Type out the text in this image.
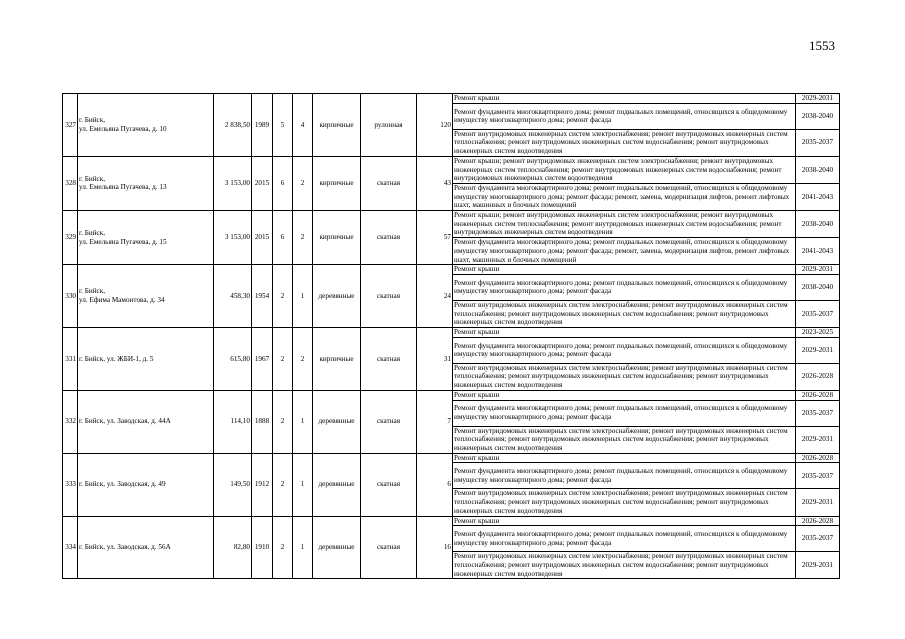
1553
327	г. Бийск,
ул. Емельяна Пугачева, д. 10	2 838,50	1989	5	4	кирпичные	рулонная	120	Ремонт крыши	2029-2031
									Ремонт фундамента многоквартирного дома; ремонт подвальных помещений, относящихся к общедомовому имуществу многоквартирного дома; ремонт фасада	2038-2040
									Ремонт внутридомовых инженерных систем электроснабжения; ремонт внутридомовых инженерных систем теплоснабжения; ремонт внутридомовых инженерных систем водоснабжения; ремонт внутридомовых инженерных систем водоотведения	2035-2037
328	г. Бийск,
ул. Емельяна Пугачева, д. 13	3 153,00	2015	6	2	кирпичные	скатная	43	Ремонт крыши; ремонт внутридомовых инженерных систем электроснабжения; ремонт внутридомовых инженерных систем теплоснабжения; ремонт внутридомовых инженерных систем водоснабжения; ремонт внутридомовых инженерных систем водоотведения	2038-2040
									Ремонт фундамента многоквартирного дома; ремонт подвальных помещений, относящихся к общедомовому имуществу многоквартирного дома; ремонт фасада; ремонт, замена, модернизация лифтов, ремонт лифтовых шахт, машинных и блочных помещений	2041-2043
329	г. Бийск,
ул. Емельяна Пугачева, д. 15	3 153,00	2015	6	2	кирпичные	скатная	57	Ремонт крыши; ремонт внутридомовых инженерных систем электроснабжения; ремонт внутридомовых инженерных систем теплоснабжения; ремонт внутридомовых инженерных систем водоснабжения; ремонт внутридомовых инженерных систем водоотведения	2038-2040
									Ремонт фундамента многоквартирного дома; ремонт подвальных помещений, относящихся к общедомовому имуществу многоквартирного дома; ремонт фасада; ремонт, замена, модернизация лифтов, ремонт лифтовых шахт, машинных и блочных помещений	2041-2043
330	г. Бийск,
ул. Ефима Мамонтова, д. 34	458,30	1954	2	1	деревянные	скатная	24	Ремонт крыши	2029-2031
									Ремонт фундамента многоквартирного дома; ремонт подвальных помещений, относящихся к общедомовому имуществу многоквартирного дома; ремонт фасада	2038-2040
									Ремонт внутридомовых инженерных систем электроснабжения; ремонт внутридомовых инженерных систем теплоснабжения; ремонт внутридомовых инженерных систем водоснабжения; ремонт внутридомовых инженерных систем водоотведения	2035-2037
331	г. Бийск, ул. ЖБИ-1, д. 5	615,80	1967	2	2	кирпичные	скатная	31	Ремонт крыши	2023-2025
									Ремонт фундамента многоквартирного дома; ремонт подвальных помещений, относящихся к общедомовому имуществу многоквартирного дома; ремонт фасада	2029-2031
									Ремонт внутридомовых инженерных систем электроснабжения; ремонт внутридомовых инженерных систем теплоснабжения; ремонт внутридомовых инженерных систем водоснабжения; ремонт внутридомовых инженерных систем водоотведения	2026-2028
332	г. Бийск, ул. Заводская, д. 44А	114,10	1888	2	1	деревянные	скатная	7	Ремонт крыши	2026-2028
									Ремонт фундамента многоквартирного дома; ремонт подвальных помещений, относящихся к общедомовому имуществу многоквартирного дома; ремонт фасада	2035-2037
									Ремонт внутридомовых инженерных систем электроснабжения; ремонт внутридомовых инженерных систем теплоснабжения; ремонт внутридомовых инженерных систем водоснабжения; ремонт внутридомовых инженерных систем водоотведения	2029-2031
333	г. Бийск, ул. Заводская, д. 49	149,50	1912	2	1	деревянные	скатная	6	Ремонт крыши	2026-2028
									Ремонт фундамента многоквартирного дома; ремонт подвальных помещений, относящихся к общедомовому имуществу многоквартирного дома; ремонт фасада	2035-2037
									Ремонт внутридомовых инженерных систем электроснабжения; ремонт внутридомовых инженерных систем теплоснабжения; ремонт внутридомовых инженерных систем водоснабжения; ремонт внутридомовых инженерных систем водоотведения	2029-2031
334	г. Бийск, ул. Заводская, д. 56А	82,80	1910	2	1	деревянные	скатная	16	Ремонт крыши	2026-2028
									Ремонт фундамента многоквартирного дома; ремонт подвальных помещений, относящихся к общедомовому имуществу многоквартирного дома; ремонт фасада	2035-2037
									Ремонт внутридомовых инженерных систем электроснабжения; ремонт внутридомовых инженерных систем теплоснабжения; ремонт внутридомовых инженерных систем водоснабжения; ремонт внутридомовых инженерных систем водоотведения	2029-2031
